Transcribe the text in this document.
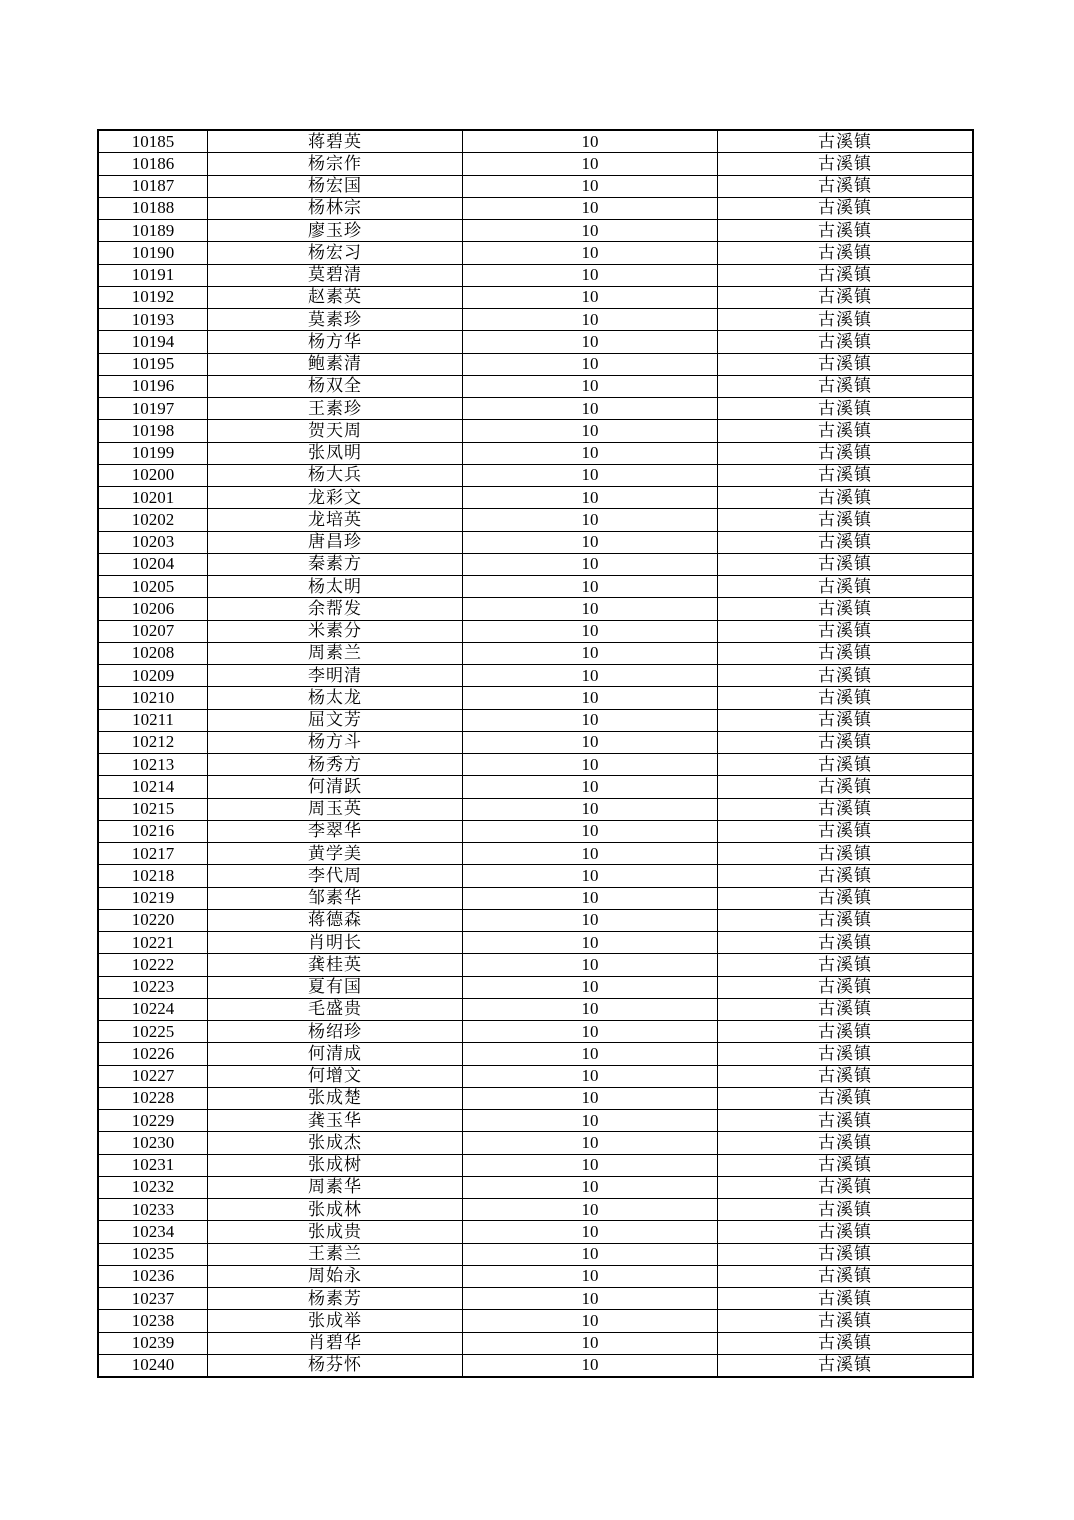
10185	蒋碧英	10	古溪镇
10186	杨宗作	10	古溪镇
10187	杨宏国	10	古溪镇
10188	杨林宗	10	古溪镇
10189	廖玉珍	10	古溪镇
10190	杨宏习	10	古溪镇
10191	莫碧清	10	古溪镇
10192	赵素英	10	古溪镇
10193	莫素珍	10	古溪镇
10194	杨方华	10	古溪镇
10195	鲍素清	10	古溪镇
10196	杨双全	10	古溪镇
10197	王素珍	10	古溪镇
10198	贺天周	10	古溪镇
10199	张凤明	10	古溪镇
10200	杨大兵	10	古溪镇
10201	龙彩文	10	古溪镇
10202	龙培英	10	古溪镇
10203	唐昌珍	10	古溪镇
10204	秦素方	10	古溪镇
10205	杨太明	10	古溪镇
10206	余帮发	10	古溪镇
10207	米素分	10	古溪镇
10208	周素兰	10	古溪镇
10209	李明清	10	古溪镇
10210	杨太龙	10	古溪镇
10211	屈文芳	10	古溪镇
10212	杨方斗	10	古溪镇
10213	杨秀方	10	古溪镇
10214	何清跃	10	古溪镇
10215	周玉英	10	古溪镇
10216	李翠华	10	古溪镇
10217	黄学美	10	古溪镇
10218	李代周	10	古溪镇
10219	邹素华	10	古溪镇
10220	蒋德森	10	古溪镇
10221	肖明长	10	古溪镇
10222	龚桂英	10	古溪镇
10223	夏有国	10	古溪镇
10224	毛盛贵	10	古溪镇
10225	杨绍珍	10	古溪镇
10226	何清成	10	古溪镇
10227	何增文	10	古溪镇
10228	张成楚	10	古溪镇
10229	龚玉华	10	古溪镇
10230	张成杰	10	古溪镇
10231	张成树	10	古溪镇
10232	周素华	10	古溪镇
10233	张成林	10	古溪镇
10234	张成贵	10	古溪镇
10235	王素兰	10	古溪镇
10236	周始永	10	古溪镇
10237	杨素芳	10	古溪镇
10238	张成举	10	古溪镇
10239	肖碧华	10	古溪镇
10240	杨芬怀	10	古溪镇
